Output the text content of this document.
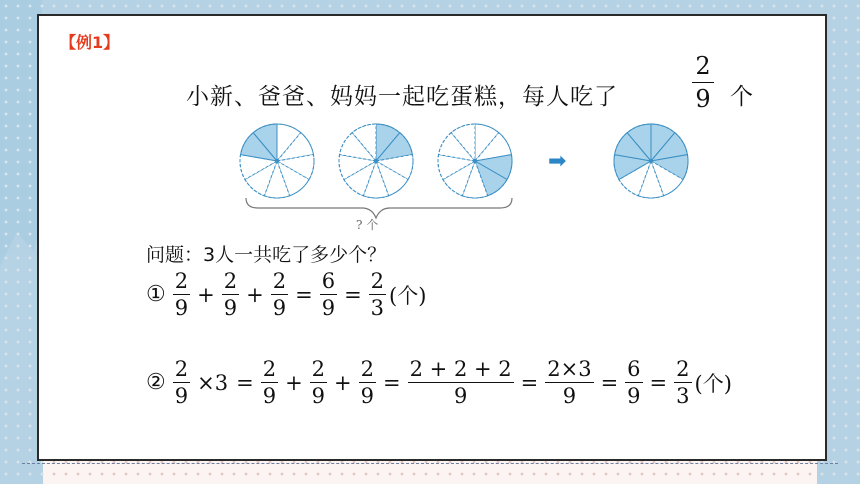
【例1】
小新、爸爸、妈妈一起吃蛋糕，每人吃了
2
9 个
➡
? 个
问题：3人一共吃了多少个？
① $\frac{2}{9} + \frac{2}{9} + \frac{2}{9} = \frac{6}{9} = \frac{2}{3}$ (个)
② $\frac{2}{9} \times 3 = \frac{2}{9} + \frac{2}{9} + \frac{2}{9} = \frac{2 + 2 + 2}{9} = \frac{2\times 3}{9} = \frac{6}{9} = \frac{2}{3}$ (个)
